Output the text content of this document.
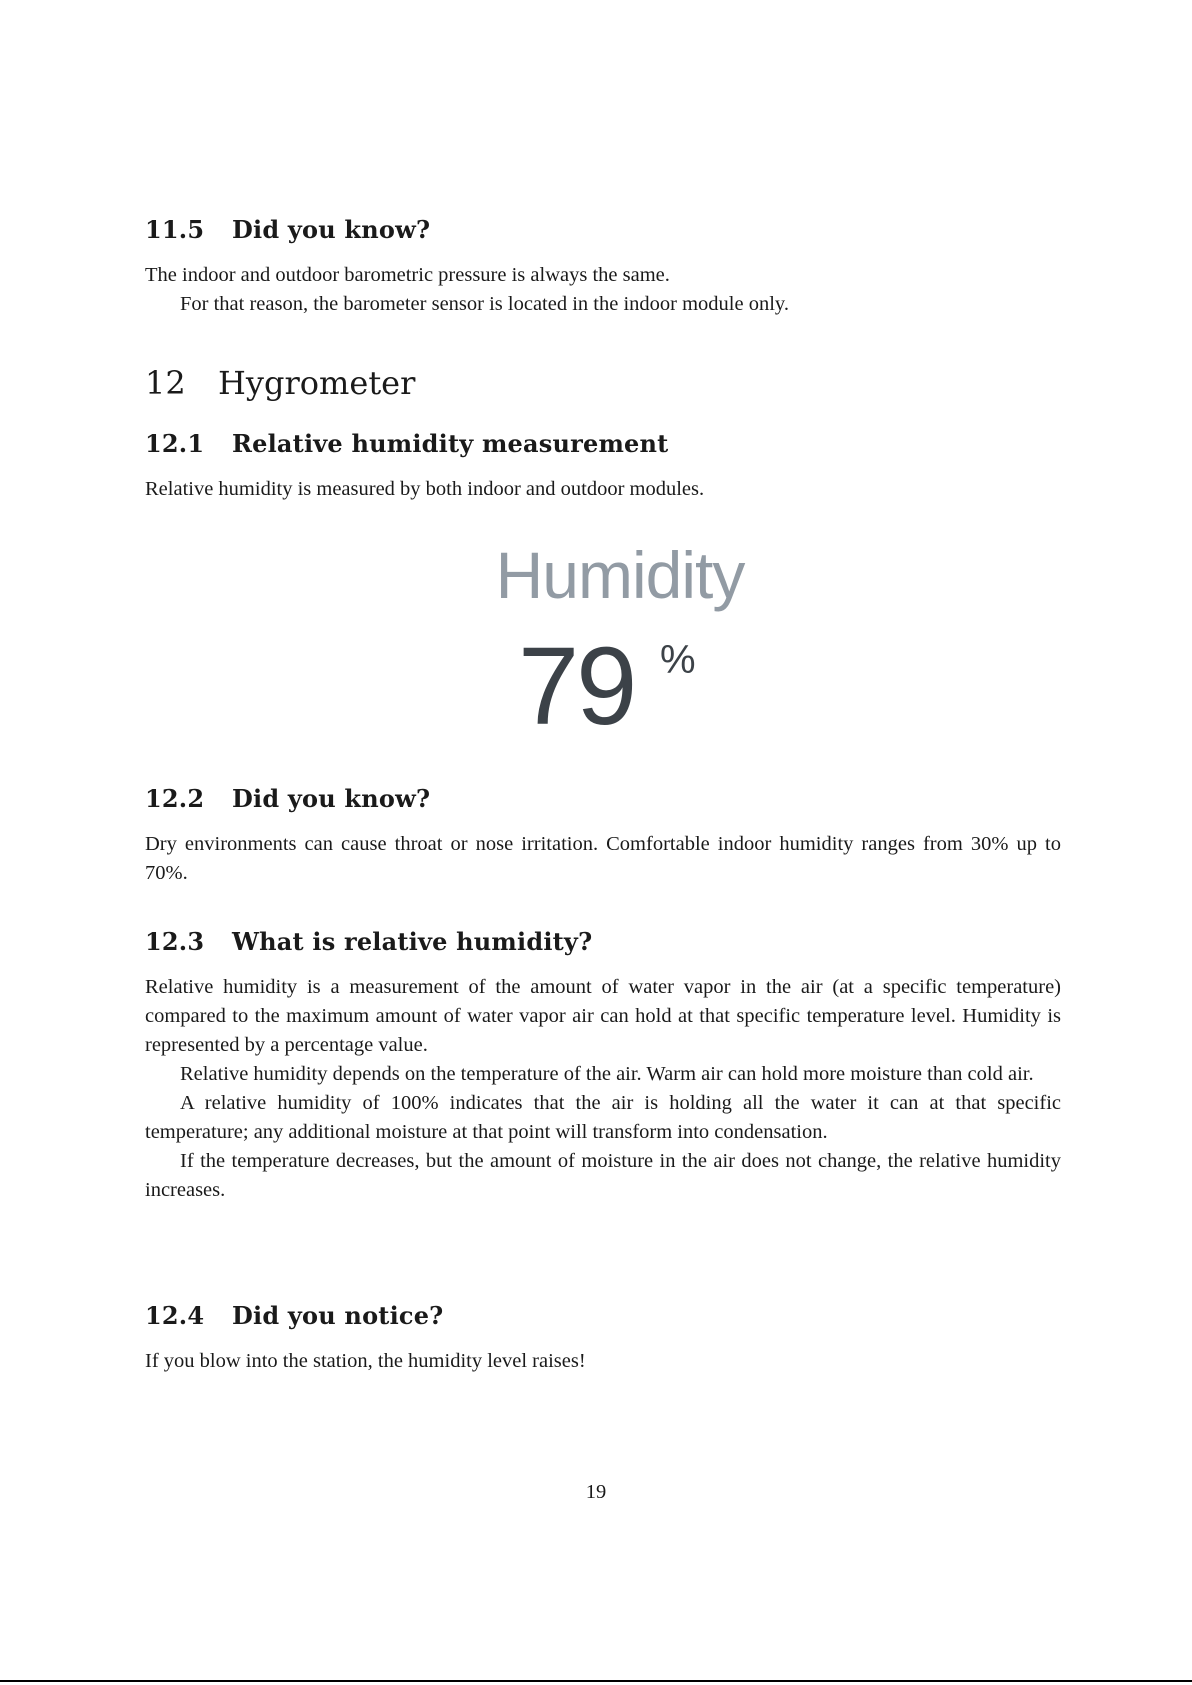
11.5 Did you know?

The indoor and outdoor barometric pressure is always the same.

For that reason, the barometer sensor is located in the indoor module only.

12 Hygrometer
12.1 Relative humidity measurement

Relative humidity is measured by both indoor and outdoor modules.

Humidity
79 %
12.2 Did you know?

Dry environments can cause throat or nose irritation. Comfortable indoor humidity ranges from 30% up to 70%.

12.3 What is relative humidity?

Relative humidity is a measurement of the amount of water vapor in the air (at a specific temperature) compared to the maximum amount of water vapor air can hold at that specific temperature level. Humidity is represented by a percentage value.

Relative humidity depends on the temperature of the air. Warm air can hold more moisture than cold air.

A relative humidity of 100% indicates that the air is holding all the water it can at that specific temperature; any additional moisture at that point will transform into condensation.

If the temperature decreases, but the amount of moisture in the air does not change, the relative humidity increases.

12.4 Did you notice?

If you blow into the station, the humidity level raises!

19
